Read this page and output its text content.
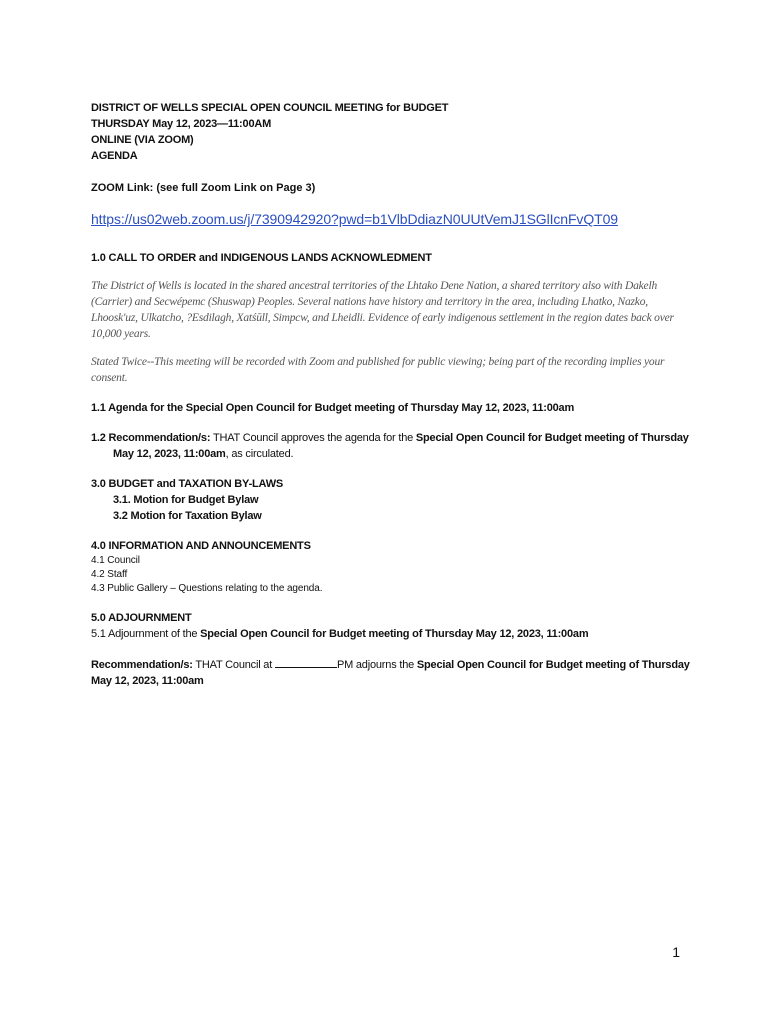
DISTRICT OF WELLS SPECIAL OPEN COUNCIL MEETING for BUDGET
THURSDAY May 12, 2023—11:00AM
ONLINE (VIA ZOOM)
AGENDA
ZOOM Link: (see full Zoom Link on Page 3)
https://us02web.zoom.us/j/7390942920?pwd=b1VlbDdiazN0UUtVemJ1SGlIcnFvQT09
1.0 CALL TO ORDER and INDIGENOUS LANDS ACKNOWLEDMENT
The District of Wells is located in the shared ancestral territories of the Lhtako Dene Nation, a shared territory also with Dakelh (Carrier) and Secwépemc (Shuswap) Peoples. Several nations have history and territory in the area, including Lhatko, Nazko, Lhoosk'uz, Ulkatcho, ?Esdilagh, Xatśūll, Simpcw, and Lheidli. Evidence of early indigenous settlement in the region dates back over 10,000 years.
Stated Twice--This meeting will be recorded with Zoom and published for public viewing; being part of the recording implies your consent.
1.1 Agenda for the Special Open Council for Budget meeting of Thursday May 12, 2023, 11:00am
1.2 Recommendation/s: THAT Council approves the agenda for the Special Open Council for Budget meeting of Thursday May 12, 2023, 11:00am, as circulated.
3.0 BUDGET and TAXATION BY-LAWS
3.1. Motion for Budget Bylaw
3.2 Motion for Taxation Bylaw
4.0 INFORMATION AND ANNOUNCEMENTS
4.1 Council
4.2 Staff
4.3 Public Gallery – Questions relating to the agenda.
5.0 ADJOURNMENT
5.1 Adjournment of the Special Open Council for Budget meeting of Thursday May 12, 2023, 11:00am
Recommendation/s: THAT Council at	PM adjourns the Special Open Council for Budget meeting of Thursday May 12, 2023, 11:00am
1
